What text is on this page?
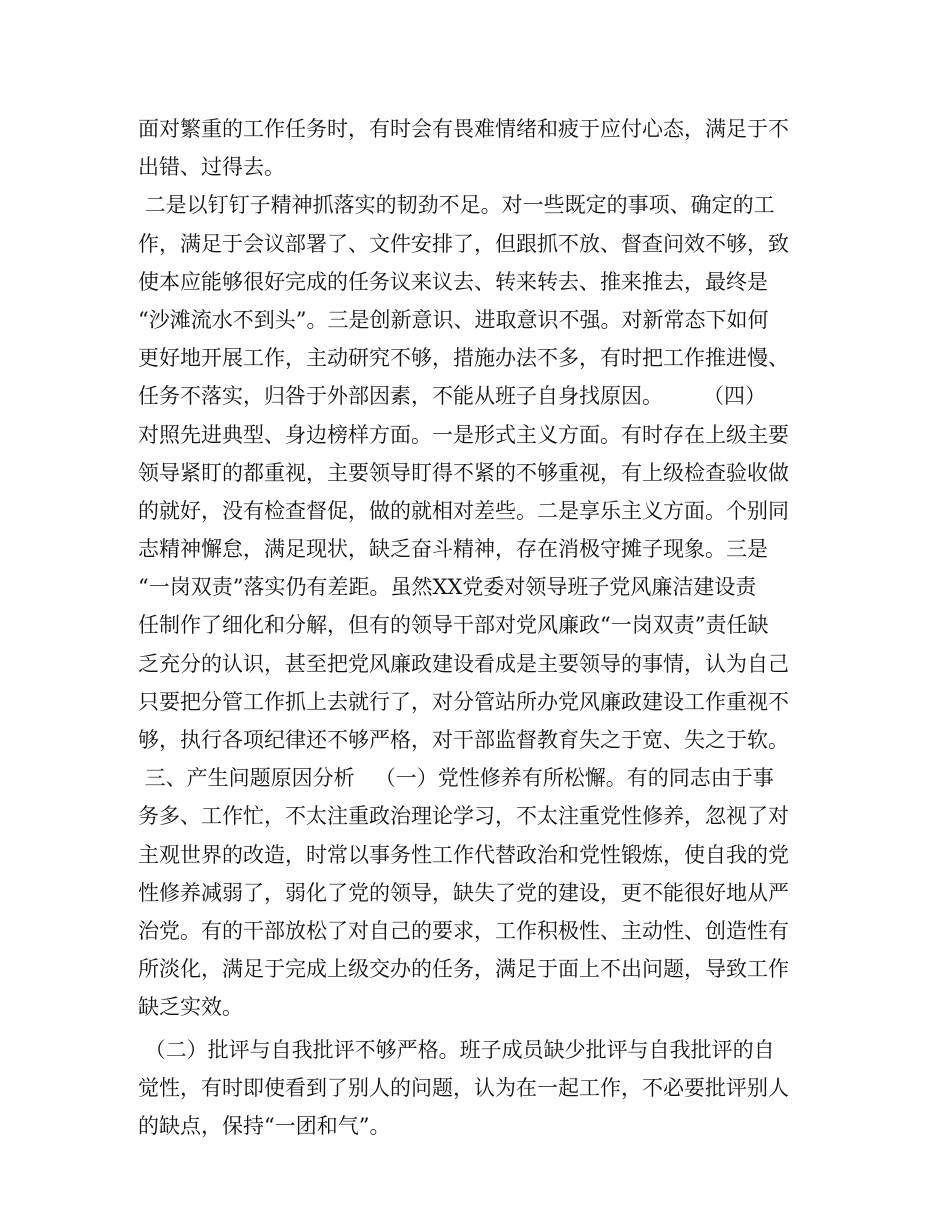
面对繁重的工作任务时，有时会有畏难情绪和疲于应付心态，满足于不
出错、过得去。
二是以钉钉子精神抓落实的韧劲不足。对一些既定的事项、确定的工
作，满足于会议部署了、文件安排了，但跟抓不放、督查问效不够，致
使本应能够很好完成的任务议来议去、转来转去、推来推去，最终是
“沙滩流水不到头”。三是创新意识、进取意识不强。对新常态下如何
更好地开展工作，主动研究不够，措施办法不多，有时把工作推进慢、
任务不落实，归咎于外部因素，不能从班子自身找原因。      （四）
对照先进典型、身边榜样方面。一是形式主义方面。有时存在上级主要
领导紧盯的都重视，主要领导盯得不紧的不够重视，有上级检查验收做
的就好，没有检查督促，做的就相对差些。二是享乐主义方面。个别同
志精神懈怠，满足现状，缺乏奋斗精神，存在消极守摊子现象。三是
“一岗双责”落实仍有差距。虽然XX党委对领导班子党风廉洁建设责
任制作了细化和分解，但有的领导干部对党风廉政“一岗双责”责任缺
乏充分的认识，甚至把党风廉政建设看成是主要领导的事情，认为自己
只要把分管工作抓上去就行了，对分管站所办党风廉政建设工作重视不
够，执行各项纪律还不够严格，对干部监督教育失之于宽、失之于软。
三、产生问题原因分析   （一）党性修养有所松懈。有的同志由于事
务多、工作忙，不太注重政治理论学习，不太注重党性修养，忽视了对
主观世界的改造，时常以事务性工作代替政治和党性锻炼，使自我的党
性修养减弱了，弱化了党的领导，缺失了党的建设，更不能很好地从严
治党。有的干部放松了对自己的要求，工作积极性、主动性、创造性有
所淡化，满足于完成上级交办的任务，满足于面上不出问题，导致工作
缺乏实效。
（二）批评与自我批评不够严格。班子成员缺少批评与自我批评的自
觉性，有时即使看到了别人的问题，认为在一起工作，不必要批评别人
的缺点，保持“一团和气”。
